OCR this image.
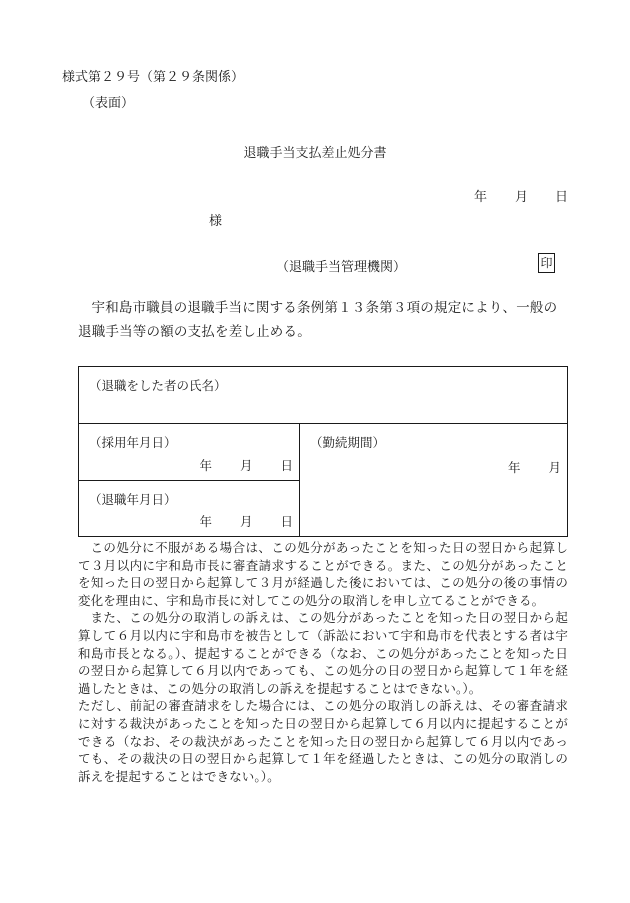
様式第２９号（第２９条関係）
（表面）
退職手当支払差止処分書
年 月 日
様
（退職手当管理機関）	印
宇和島市職員の退職手当に関する条例第１３条第３項の規定により、一般の退職手当等の額の支払を差し止める。
（退職をした者の氏名）

（採用年月日）
年 月 日

（勤続期間）
年 月

（退職年月日）
年 月 日

この処分に不服がある場合は、この処分があったことを知った日の翌日から起算して３月以内に宇和島市長に審査請求することができる。また、この処分があったことを知った日の翌日から起算して３月が経過した後においては、この処分の後の事情の変化を理由に、宇和島市長に対してこの処分の取消しを申し立てることができる。

また、この処分の取消しの訴えは、この処分があったことを知った日の翌日から起算して６月以内に宇和島市を被告として（訴訟において宇和島市を代表とする者は宇和島市長となる。）、提起することができる（なお、この処分があったことを知った日の翌日から起算して６月以内であっても、この処分の日の翌日から起算して１年を経過したときは、この処分の取消しの訴えを提起することはできない。）。

ただし、前記の審査請求をした場合には、この処分の取消しの訴えは、その審査請求に対する裁決があったことを知った日の翌日から起算して６月以内に提起することができる（なお、その裁決があったことを知った日の翌日から起算して６月以内であっても、その裁決の日の翌日から起算して１年を経過したときは、この処分の取消しの訴えを提起することはできない。）。
